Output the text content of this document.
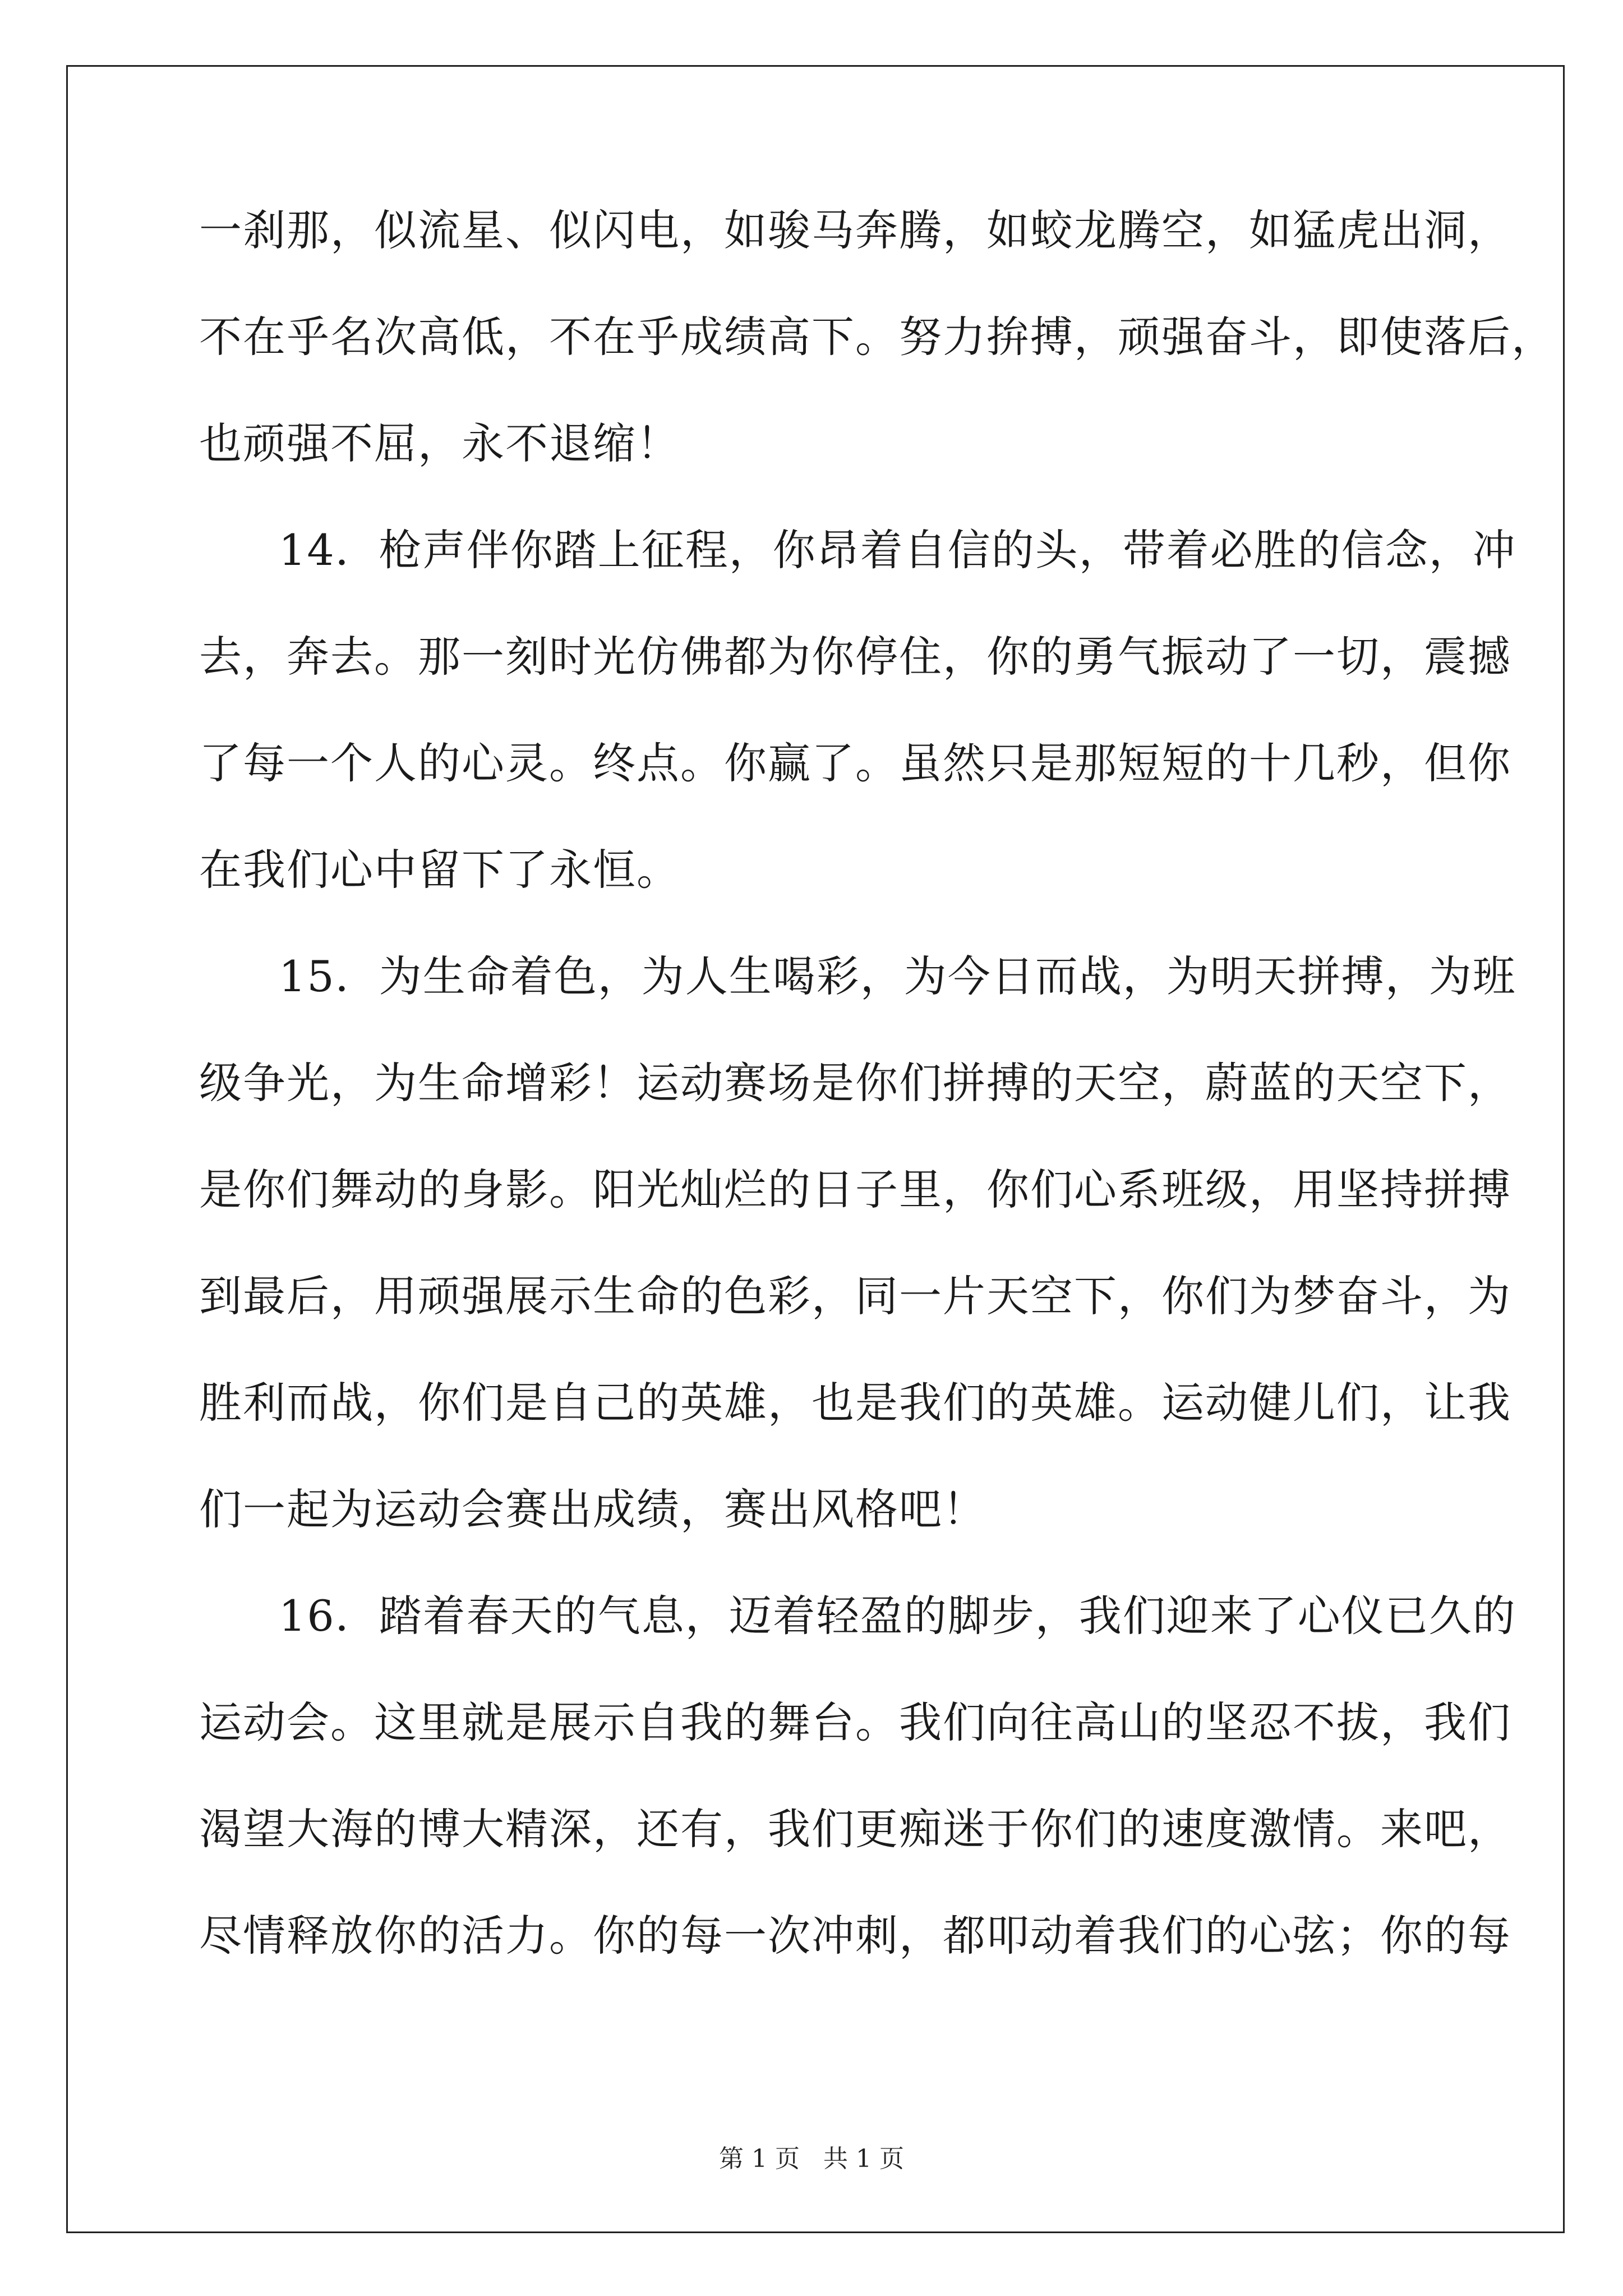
一刹那，似流星、似闪电，如骏马奔腾，如蛟龙腾空，如猛虎出洞，
不在乎名次高低，不在乎成绩高下。努力拚搏，顽强奋斗，即使落后，
也顽强不屈，永不退缩！
14．枪声伴你踏上征程，你昂着自信的头，带着必胜的信念，冲
去，奔去。那一刻时光仿佛都为你停住，你的勇气振动了一切，震撼
了每一个人的心灵。终点。你赢了。虽然只是那短短的十几秒，但你
在我们心中留下了永恒。
15．为生命着色，为人生喝彩，为今日而战，为明天拼搏，为班
级争光，为生命增彩！运动赛场是你们拼搏的天空，蔚蓝的天空下，
是你们舞动的身影。阳光灿烂的日子里，你们心系班级，用坚持拼搏
到最后，用顽强展示生命的色彩，同一片天空下，你们为梦奋斗，为
胜利而战，你们是自己的英雄，也是我们的英雄。运动健儿们，让我
们一起为运动会赛出成绩，赛出风格吧！
16．踏着春天的气息，迈着轻盈的脚步，我们迎来了心仪已久的
运动会。这里就是展示自我的舞台。我们向往高山的坚忍不拔，我们
渴望大海的博大精深，还有，我们更痴迷于你们的速度激情。来吧，
尽情释放你的活力。你的每一次冲刺，都叩动着我们的心弦；你的每
第 1 页   共 1 页
